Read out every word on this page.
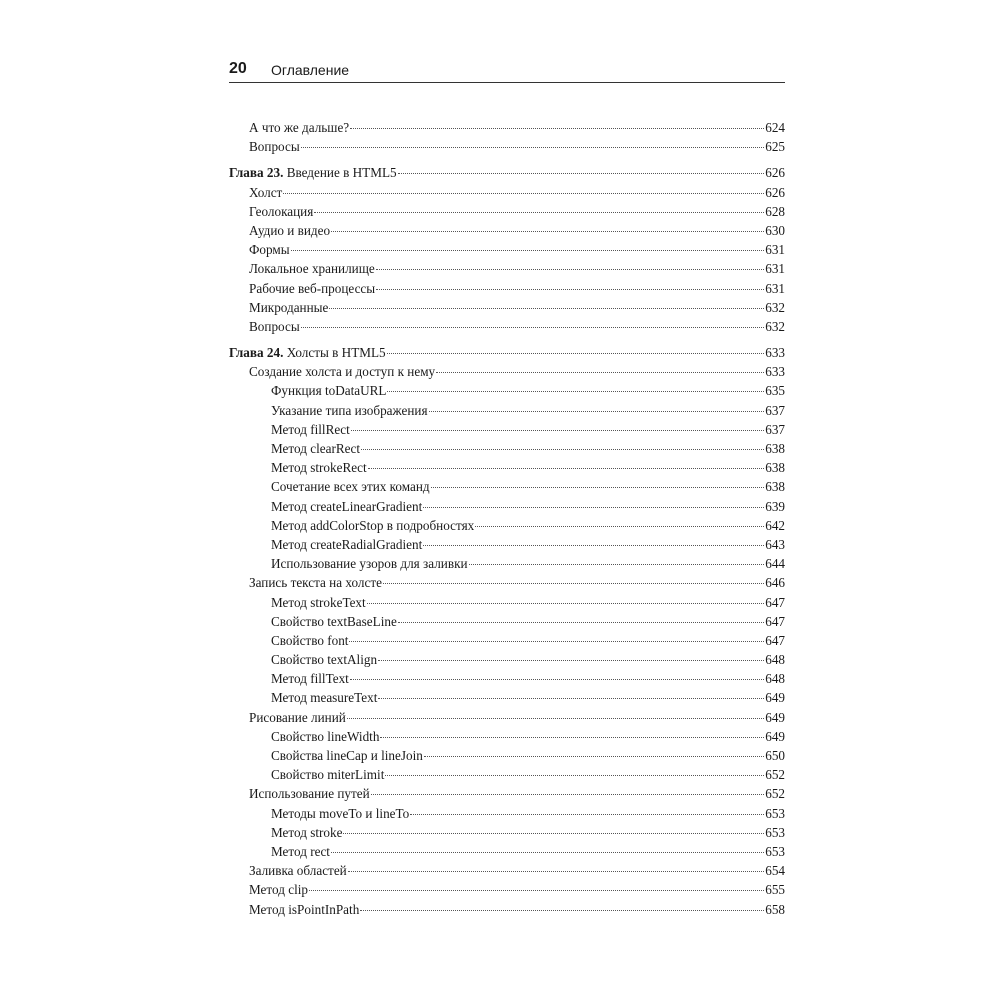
20 Оглавление
А что же дальше?	624
Вопросы	625
Глава 23. Введение в HTML5	626
Холст	626
Геолокация	628
Аудио и видео	630
Формы	631
Локальное хранилище	631
Рабочие веб-процессы	631
Микроданные	632
Вопросы	632
Глава 24. Холсты в HTML5	633
Создание холста и доступ к нему	633
Функция toDataURL	635
Указание типа изображения	637
Метод fillRect	637
Метод clearRect	638
Метод strokeRect	638
Сочетание всех этих команд	638
Метод createLinearGradient	639
Метод addColorStop в подробностях	642
Метод createRadialGradient	643
Использование узоров для заливки	644
Запись текста на холсте	646
Метод strokeText	647
Свойство textBaseLine	647
Свойство font	647
Свойство textAlign	648
Метод fillText	648
Метод measureText	649
Рисование линий	649
Свойство lineWidth	649
Свойства lineCap и lineJoin	650
Свойство miterLimit	652
Использование путей	652
Методы moveTo и lineTo	653
Метод stroke	653
Метод rect	653
Заливка областей	654
Метод clip	655
Метод isPointInPath	658
